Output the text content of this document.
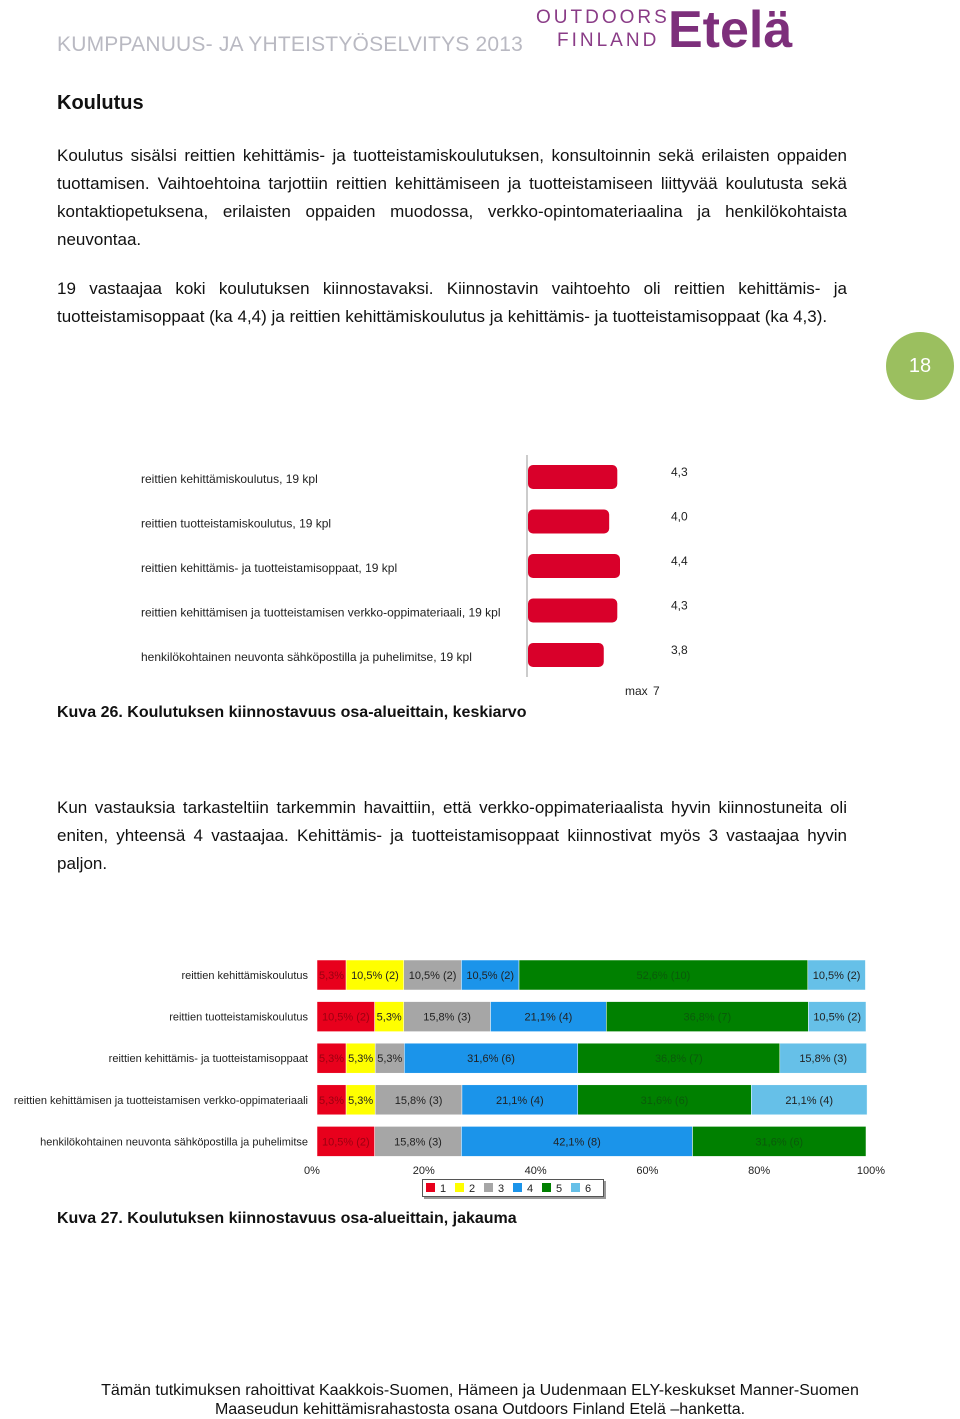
KUMPPANUUS- JA YHTEISTYÖSELVITYS 2013
OUTDOORS
FINLAND Etelä
Koulutus
Koulutus sisälsi reittien kehittämis- ja tuotteistamiskoulutuksen, konsultoinnin sekä erilaisten oppaiden tuottamisen. Vaihtoehtoina tarjottiin reittien kehittämiseen ja tuotteistamiseen liittyvää koulutusta sekä kontaktiopetuksena, erilaisten oppaiden muodossa, verkko-opintomateriaalina ja henkilökohtaista neuvontaa.
19 vastaajaa koki koulutuksen kiinnostavaksi. Kiinnostavin vaihtoehto oli reittien kehittämis- ja tuotteistamisoppaat (ka 4,4) ja reittien kehittämiskoulutus ja kehittämis- ja tuotteistamisoppaat (ka 4,3).
18
reittien kehittämiskoulutus, 19 kpl	4,3
reittien tuotteistamiskoulutus, 19 kpl	4,0
reittien kehittämis- ja tuotteistamisoppaat, 19 kpl	4,4
reittien kehittämisen ja tuotteistamisen verkko-oppimateriaali, 19 kpl	4,3
henkilökohtainen neuvonta sähköpostilla ja puhelimitse, 19 kpl	3,8
max 7
Kuva 26. Koulutuksen kiinnostavuus osa-alueittain, keskiarvo
Kun vastauksia tarkasteltiin tarkemmin havaittiin, että verkko-oppimateriaalista hyvin kiinnostuneita oli eniten, yhteensä 4 vastaajaa. Kehittämis- ja tuotteistamisoppaat kiinnostivat myös 3 vastaajaa hyvin paljon.
reittien kehittämiskoulutus 5,3% 10,5% (2) 10,5% (2) 10,5% (2)	52,6% (10)	10,5% (2)
reittien tuotteistamiskoulutus 10,5% (2) 5,3% 15,8% (3)	21,1% (4)	36,8% (7)	10,5% (2)
reittien kehittämis- ja tuotteistamisoppaat 5,3% 5,3% 5,3%	31,6% (6)	36,8% (7)	15,8% (3)
reittien kehittämisen ja tuotteistamisen verkko-oppimateriaali 5,3% 5,3% 15,8% (3)	21,1% (4)	31,6% (6)	21,1% (4)
henkilökohtainen neuvonta sähköpostilla ja puhelimitse 10,5% (2) 15,8% (3)	42,1% (8)	31,6% (6)
0%	20%	40%	60%	80%	100%
1 2 3 4 5 6
Kuva 27. Koulutuksen kiinnostavuus osa-alueittain, jakauma
Tämän tutkimuksen rahoittivat Kaakkois-Suomen, Hämeen ja Uudenmaan ELY-keskukset Manner-Suomen
Maaseudun kehittämisrahastosta osana Outdoors Finland Etelä –hanketta.
